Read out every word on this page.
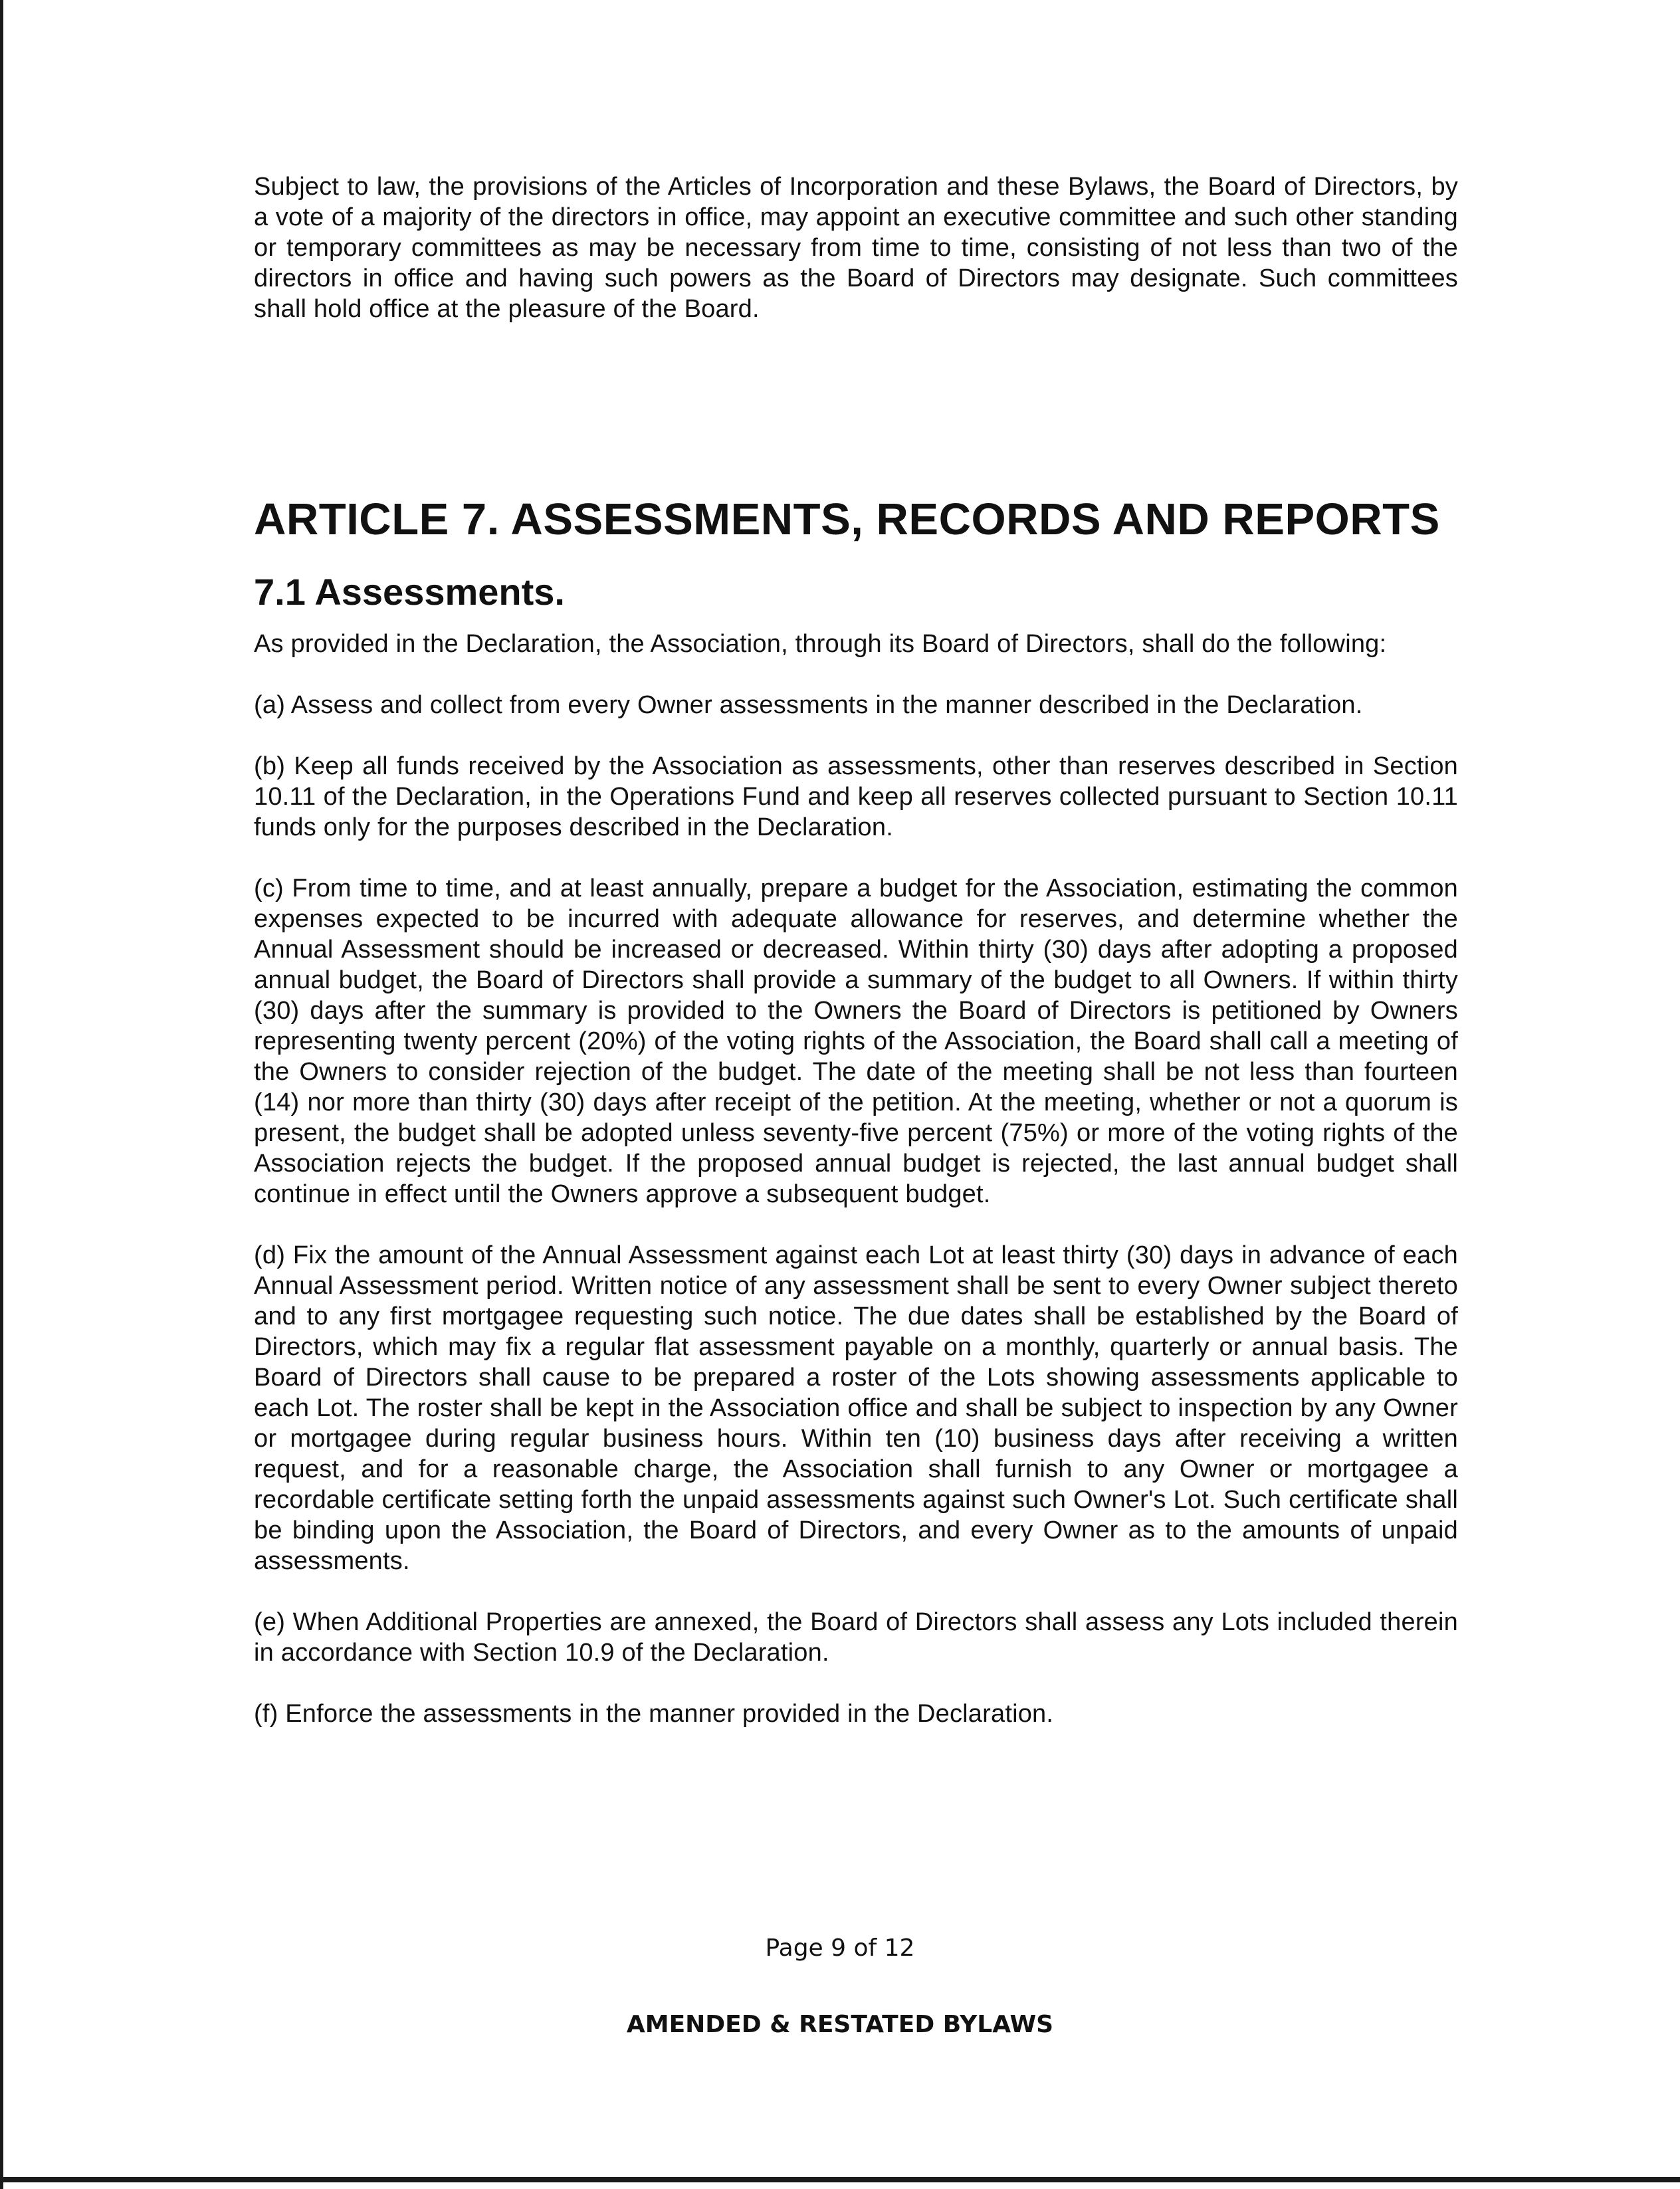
Subject to law, the provisions of the Articles of Incorporation and these Bylaws, the Board of Directors, by a vote of a majority of the directors in office, may appoint an executive committee and such other standing or temporary committees as may be necessary from time to time, consisting of not less than two of the directors in office and having such powers as the Board of Directors may designate. Such committees shall hold office at the pleasure of the Board.

ARTICLE 7. ASSESSMENTS, RECORDS AND REPORTS
7.1 Assessments.

As provided in the Declaration, the Association, through its Board of Directors, shall do the following:

(a) Assess and collect from every Owner assessments in the manner described in the Declaration.

(b) Keep all funds received by the Association as assessments, other than reserves described in Section 10.11 of the Declaration, in the Operations Fund and keep all reserves collected pursuant to Section 10.11 funds only for the purposes described in the Declaration.

(c) From time to time, and at least annually, prepare a budget for the Association, estimating the common expenses expected to be incurred with adequate allowance for reserves, and determine whether the Annual Assessment should be increased or decreased. Within thirty (30) days after adopting a proposed annual budget, the Board of Directors shall provide a summary of the budget to all Owners. If within thirty (30) days after the summary is provided to the Owners the Board of Directors is petitioned by Owners representing twenty percent (20%) of the voting rights of the Association, the Board shall call a meeting of the Owners to consider rejection of the budget. The date of the meeting shall be not less than fourteen (14) nor more than thirty (30) days after receipt of the petition. At the meeting, whether or not a quorum is present, the budget shall be adopted unless seventy-five percent (75%) or more of the voting rights of the Association rejects the budget. If the proposed annual budget is rejected, the last annual budget shall continue in effect until the Owners approve a subsequent budget.

(d) Fix the amount of the Annual Assessment against each Lot at least thirty (30) days in advance of each Annual Assessment period. Written notice of any assessment shall be sent to every Owner subject thereto and to any first mortgagee requesting such notice. The due dates shall be established by the Board of Directors, which may fix a regular flat assessment payable on a monthly, quarterly or annual basis. The Board of Directors shall cause to be prepared a roster of the Lots showing assessments applicable to each Lot. The roster shall be kept in the Association office and shall be subject to inspection by any Owner or mortgagee during regular business hours. Within ten (10) business days after receiving a written request, and for a reasonable charge, the Association shall furnish to any Owner or mortgagee a recordable certificate setting forth the unpaid assessments against such Owner's Lot. Such certificate shall be binding upon the Association, the Board of Directors, and every Owner as to the amounts of unpaid assessments.

(e) When Additional Properties are annexed, the Board of Directors shall assess any Lots included therein in accordance with Section 10.9 of the Declaration.

(f) Enforce the assessments in the manner provided in the Declaration.

Page 9 of 12
AMENDED & RESTATED BYLAWS
